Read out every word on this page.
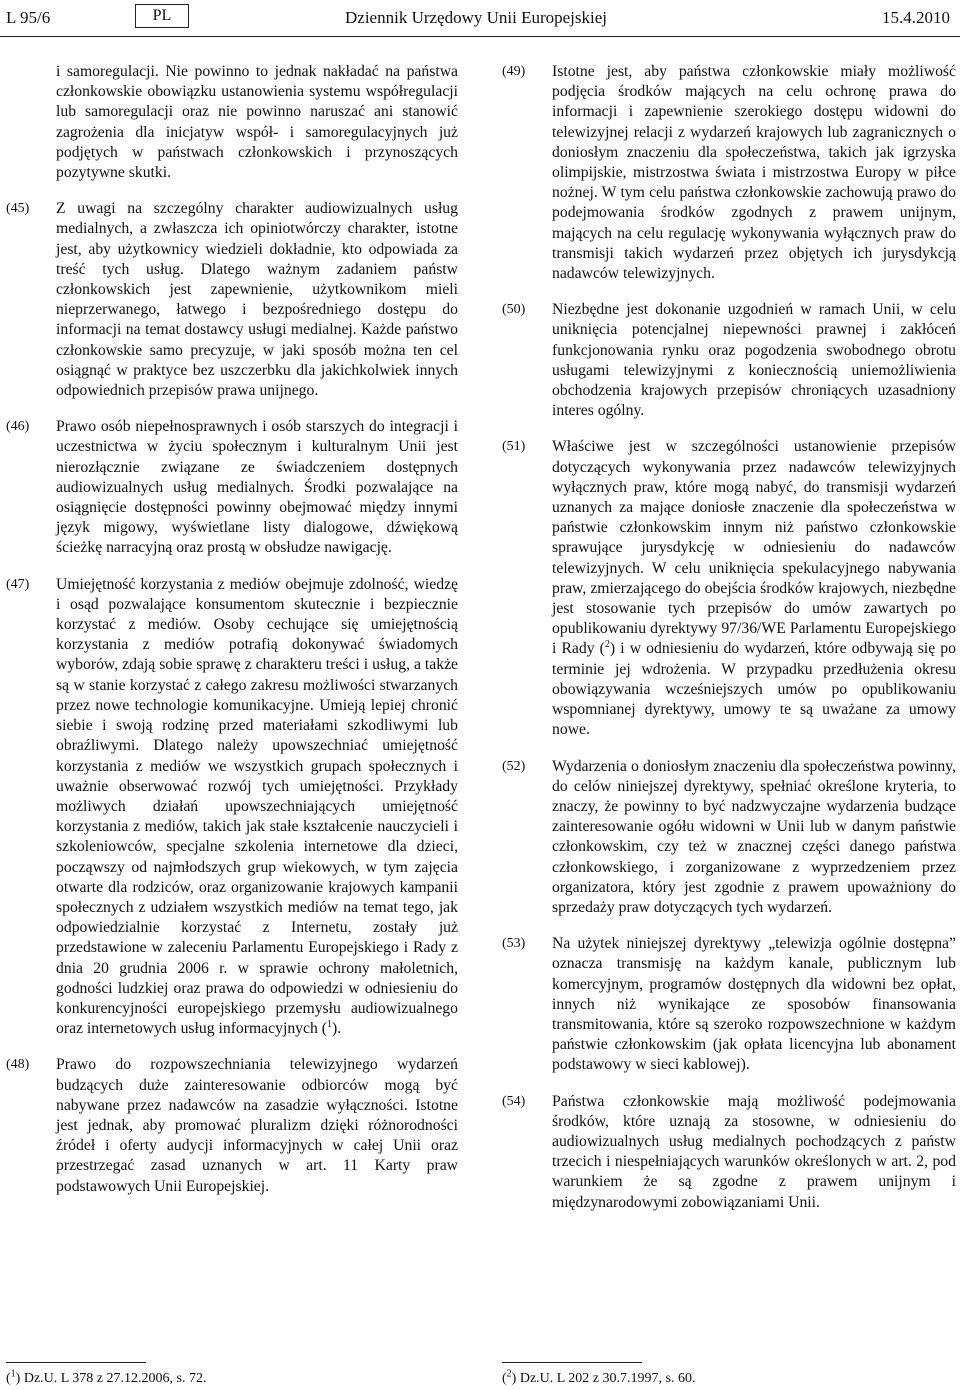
L 95/6	PL	Dziennik Urzędowy Unii Europejskiej	15.4.2010
i samoregulacji. Nie powinno to jednak nakładać na państwa członkowskie obowiązku ustanowienia systemu współregulacji lub samoregulacji oraz nie powinno naruszać ani stanowić zagrożenia dla inicjatyw współ- i samoregulacyjnych już podjętych w państwach członkowskich i przynoszących pozytywne skutki.
(45) Z uwagi na szczególny charakter audiowizualnych usług medialnych, a zwłaszcza ich opiniotwórczy charakter, istotne jest, aby użytkownicy wiedzieli dokładnie, kto odpowiada za treść tych usług. Dlatego ważnym zadaniem państw członkowskich jest zapewnienie, użytkownikom mieli nieprzerwanego, łatwego i bezpośredniego dostępu do informacji na temat dostawcy usługi medialnej. Każde państwo członkowskie samo precyzuje, w jaki sposób można ten cel osiągnąć w praktyce bez uszczerbku dla jakichkolwiek innych odpowiednich przepisów prawa unijnego.
(46) Prawo osób niepełnosprawnych i osób starszych do integracji i uczestnictwa w życiu społecznym i kulturalnym Unii jest nierozłącznie związane ze świadczeniem dostępnych audiowizualnych usług medialnych. Środki pozwalające na osiągnięcie dostępności powinny obejmować między innymi język migowy, wyświetlane listy dialogowe, dźwiękową ścieżkę narracyjną oraz prostą w obsłudze nawigację.
(47) Umiejętność korzystania z mediów obejmuje zdolność, wiedzę i osąd pozwalające konsumentom skutecznie i bezpiecznie korzystać z mediów. Osoby cechujące się umiejętnością korzystania z mediów potrafią dokonywać świadomych wyborów, zdają sobie sprawę z charakteru treści i usług, a także są w stanie korzystać z całego zakresu możliwości stwarzanych przez nowe technologie komunikacyjne. Umieją lepiej chronić siebie i swoją rodzinę przed materiałami szkodliwymi lub obraźliwymi. Dlatego należy upowszechniać umiejętność korzystania z mediów we wszystkich grupach społecznych i uważnie obserwować rozwój tych umiejętności. Przykłady możliwych działań upowszechniających umiejętność korzystania z mediów, takich jak stałe kształcenie nauczycieli i szkoleniowców, specjalne szkolenia internetowe dla dzieci, począwszy od najmłodszych grup wiekowych, w tym zajęcia otwarte dla rodziców, oraz organizowanie krajowych kampanii społecznych z udziałem wszystkich mediów na temat tego, jak odpowiedzialnie korzystać z Internetu, zostały już przedstawione w zaleceniu Parlamentu Europejskiego i Rady z dnia 20 grudnia 2006 r. w sprawie ochrony małoletnich, godności ludzkiej oraz prawa do odpowiedzi w odniesieniu do konkurencyjności europejskiego przemysłu audiowizualnego oraz internetowych usług informacyjnych ($^1$).
(48) Prawo do rozpowszechniania telewizyjnego wydarzeń budzących duże zainteresowanie odbiorców mogą być nabywane przez nadawców na zasadzie wyłączności. Istotne jest jednak, aby promować pluralizm dzięki różnorodności źródeł i oferty audycji informacyjnych w całej Unii oraz przestrzegać zasad uznanych w art. 11 Karty praw podstawowych Unii Europejskiej.
(49) Istotne jest, aby państwa członkowskie miały możliwość podjęcia środków mających na celu ochronę prawa do informacji i zapewnienie szerokiego dostępu widowni do telewizyjnej relacji z wydarzeń krajowych lub zagranicznych o doniosłym znaczeniu dla społeczeństwa, takich jak igrzyska olimpijskie, mistrzostwa świata i mistrzostwa Europy w piłce nożnej. W tym celu państwa członkowskie zachowują prawo do podejmowania środków zgodnych z prawem unijnym, mających na celu regulację wykonywania wyłącznych praw do transmisji takich wydarzeń przez objętych ich jurysdykcją nadawców telewizyjnych.
(50) Niezbędne jest dokonanie uzgodnień w ramach Unii, w celu uniknięcia potencjalnej niepewności prawnej i zakłóceń funkcjonowania rynku oraz pogodzenia swobodnego obrotu usługami telewizyjnymi z koniecznością uniemożliwienia obchodzenia krajowych przepisów chroniących uzasadniony interes ogólny.
(51) Właściwe jest w szczególności ustanowienie przepisów dotyczących wykonywania przez nadawców telewizyjnych wyłącznych praw, które mogą nabyć, do transmisji wydarzeń uznanych za mające doniosłe znaczenie dla społeczeństwa w państwie członkowskim innym niż państwo członkowskie sprawujące jurysdykcję w odniesieniu do nadawców telewizyjnych. W celu uniknięcia spekulacyjnego nabywania praw, zmierzającego do obejścia środków krajowych, niezbędne jest stosowanie tych przepisów do umów zawartych po opublikowaniu dyrektywy 97/36/WE Parlamentu Europejskiego i Rady ($^2$) i w odniesieniu do wydarzeń, które odbywają się po terminie jej wdrożenia. W przypadku przedłużenia okresu obowiązywania wcześniejszych umów po opublikowaniu wspomnianej dyrektywy, umowy te są uważane za umowy nowe.
(52) Wydarzenia o doniosłym znaczeniu dla społeczeństwa powinny, do celów niniejszej dyrektywy, spełniać określone kryteria, to znaczy, że powinny to być nadzwyczajne wydarzenia budzące zainteresowanie ogółu widowni w Unii lub w danym państwie członkowskim, czy też w znacznej części danego państwa członkowskiego, i zorganizowane z wyprzedzeniem przez organizatora, który jest zgodnie z prawem upoważniony do sprzedaży praw dotyczących tych wydarzeń.
(53) Na użytek niniejszej dyrektywy „telewizja ogólnie dostępna” oznacza transmisję na każdym kanale, publicznym lub komercyjnym, programów dostępnych dla widowni bez opłat, innych niż wynikające ze sposobów finansowania transmitowania, które są szeroko rozpowszechnione w każdym państwie członkowskim (jak opłata licencyjna lub abonament podstawowy w sieci kablowej).
(54) Państwa członkowskie mają możliwość podejmowania środków, które uznają za stosowne, w odniesieniu do audiowizualnych usług medialnych pochodzących z państw trzecich i niespełniających warunków określonych w art. 2, pod warunkiem że są zgodne z prawem unijnym i międzynarodowymi zobowiązaniami Unii.
($^1$) Dz.U. L 378 z 27.12.2006, s. 72.	($^2$) Dz.U. L 202 z 30.7.1997, s. 60.
